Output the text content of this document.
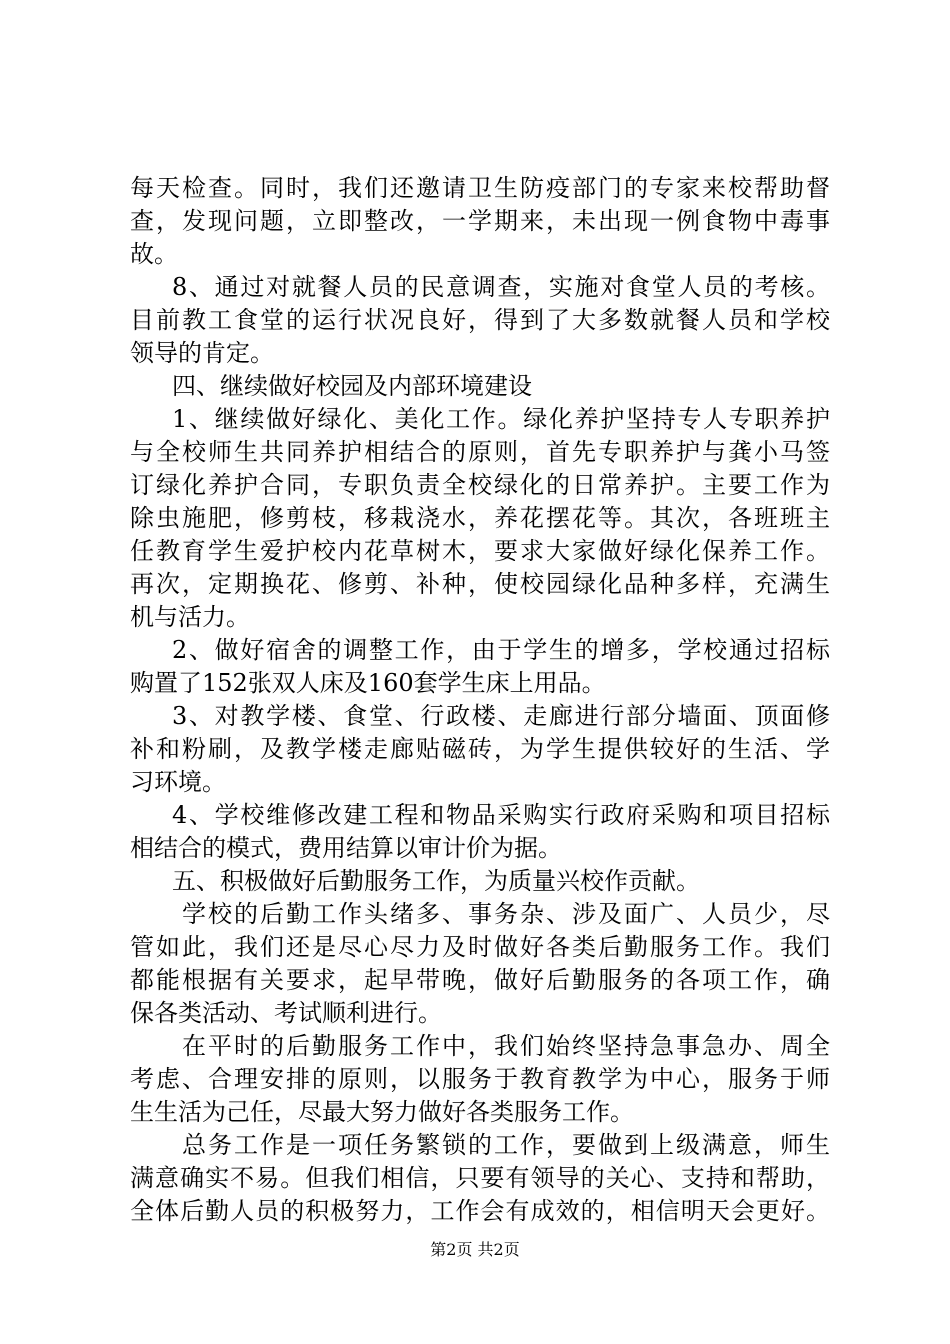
每天检查。同时，我们还邀请卫生防疫部门的专家来校帮助督
查，发现问题，立即整改，一学期来，未出现一例食物中毒事
故。
8、通过对就餐人员的民意调查，实施对食堂人员的考核。
目前教工食堂的运行状况良好，得到了大多数就餐人员和学校
领导的肯定。
四、继续做好校园及内部环境建设
1、继续做好绿化、美化工作。绿化养护坚持专人专职养护
与全校师生共同养护相结合的原则，首先专职养护与龚小马签
订绿化养护合同，专职负责全校绿化的日常养护。主要工作为
除虫施肥，修剪枝，移栽浇水，养花摆花等。其次，各班班主
任教育学生爱护校内花草树木，要求大家做好绿化保养工作。
再次，定期换花、修剪、补种，使校园绿化品种多样，充满生
机与活力。
2、做好宿舍的调整工作，由于学生的增多，学校通过招标
购置了152张双人床及160套学生床上用品。
3、对教学楼、食堂、行政楼、走廊进行部分墙面、顶面修
补和粉刷，及教学楼走廊贴磁砖，为学生提供较好的生活、学
习环境。
4、学校维修改建工程和物品采购实行政府采购和项目招标
相结合的模式，费用结算以审计价为据。
五、积极做好后勤服务工作，为质量兴校作贡献。
学校的后勤工作头绪多、事务杂、涉及面广、人员少，尽
管如此，我们还是尽心尽力及时做好各类后勤服务工作。我们
都能根据有关要求，起早带晚，做好后勤服务的各项工作，确
保各类活动、考试顺利进行。
在平时的后勤服务工作中，我们始终坚持急事急办、周全
考虑、合理安排的原则，以服务于教育教学为中心，服务于师
生生活为己任，尽最大努力做好各类服务工作。
总务工作是一项任务繁锁的工作，要做到上级满意，师生
满意确实不易。但我们相信，只要有领导的关心、支持和帮助，
全体后勤人员的积极努力，工作会有成效的，相信明天会更好。
第2页 共2页
